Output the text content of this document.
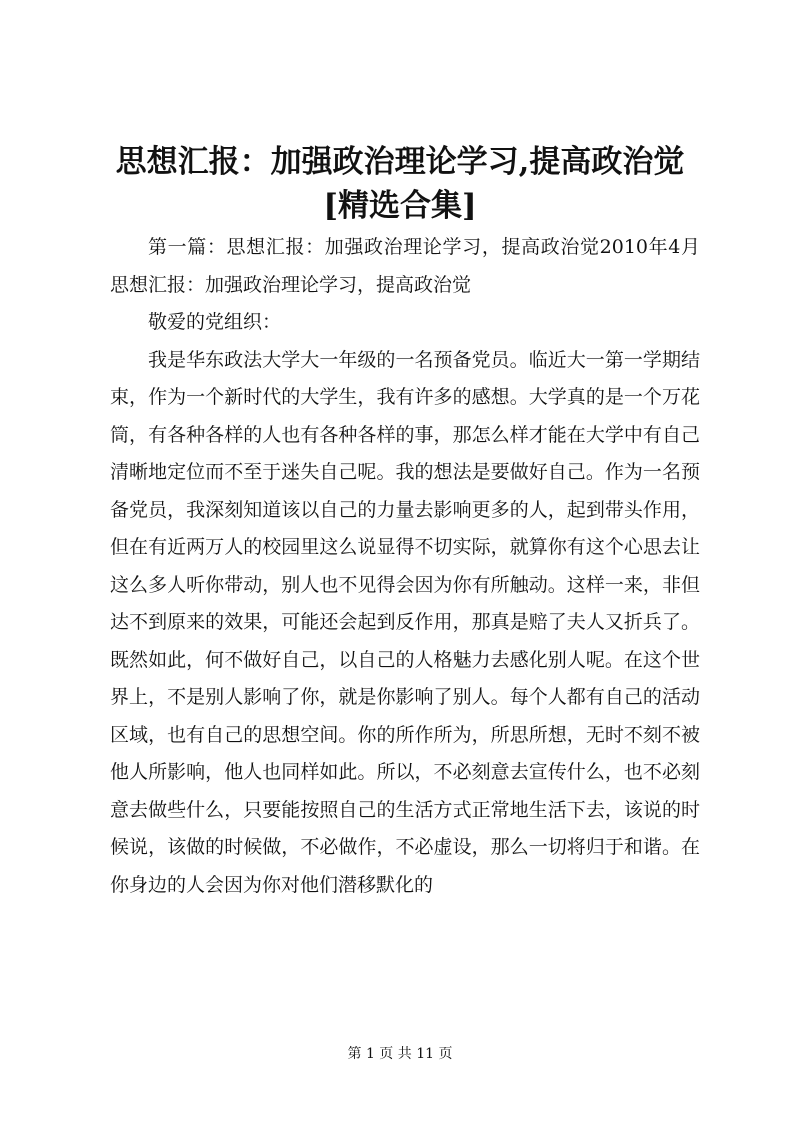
思想汇报：加强政治理论学习,提高政治觉[精选合集]

第一篇：思想汇报：加强政治理论学习，提高政治觉2010年4月思想汇报：加强政治理论学习，提高政治觉

敬爱的党组织：

我是华东政法大学大一年级的一名预备党员。临近大一第一学期结束，作为一个新时代的大学生，我有许多的感想。大学真的是一个万花筒，有各种各样的人也有各种各样的事，那怎么样才能在大学中有自己清晰地定位而不至于迷失自己呢。我的想法是要做好自己。作为一名预备党员，我深刻知道该以自己的力量去影响更多的人，起到带头作用，但在有近两万人的校园里这么说显得不切实际，就算你有这个心思去让这么多人听你带动，别人也不见得会因为你有所触动。这样一来，非但达不到原来的效果，可能还会起到反作用，那真是赔了夫人又折兵了。既然如此，何不做好自己，以自己的人格魅力去感化别人呢。在这个世界上，不是别人影响了你，就是你影响了别人。每个人都有自己的活动区域，也有自己的思想空间。你的所作所为，所思所想，无时不刻不被他人所影响，他人也同样如此。所以，不必刻意去宣传什么，也不必刻意去做些什么，只要能按照自己的生活方式正常地生活下去，该说的时候说，该做的时候做，不必做作，不必虚设，那么一切将归于和谐。在你身边的人会因为你对他们潜移默化的

第 1 页 共 11 页
